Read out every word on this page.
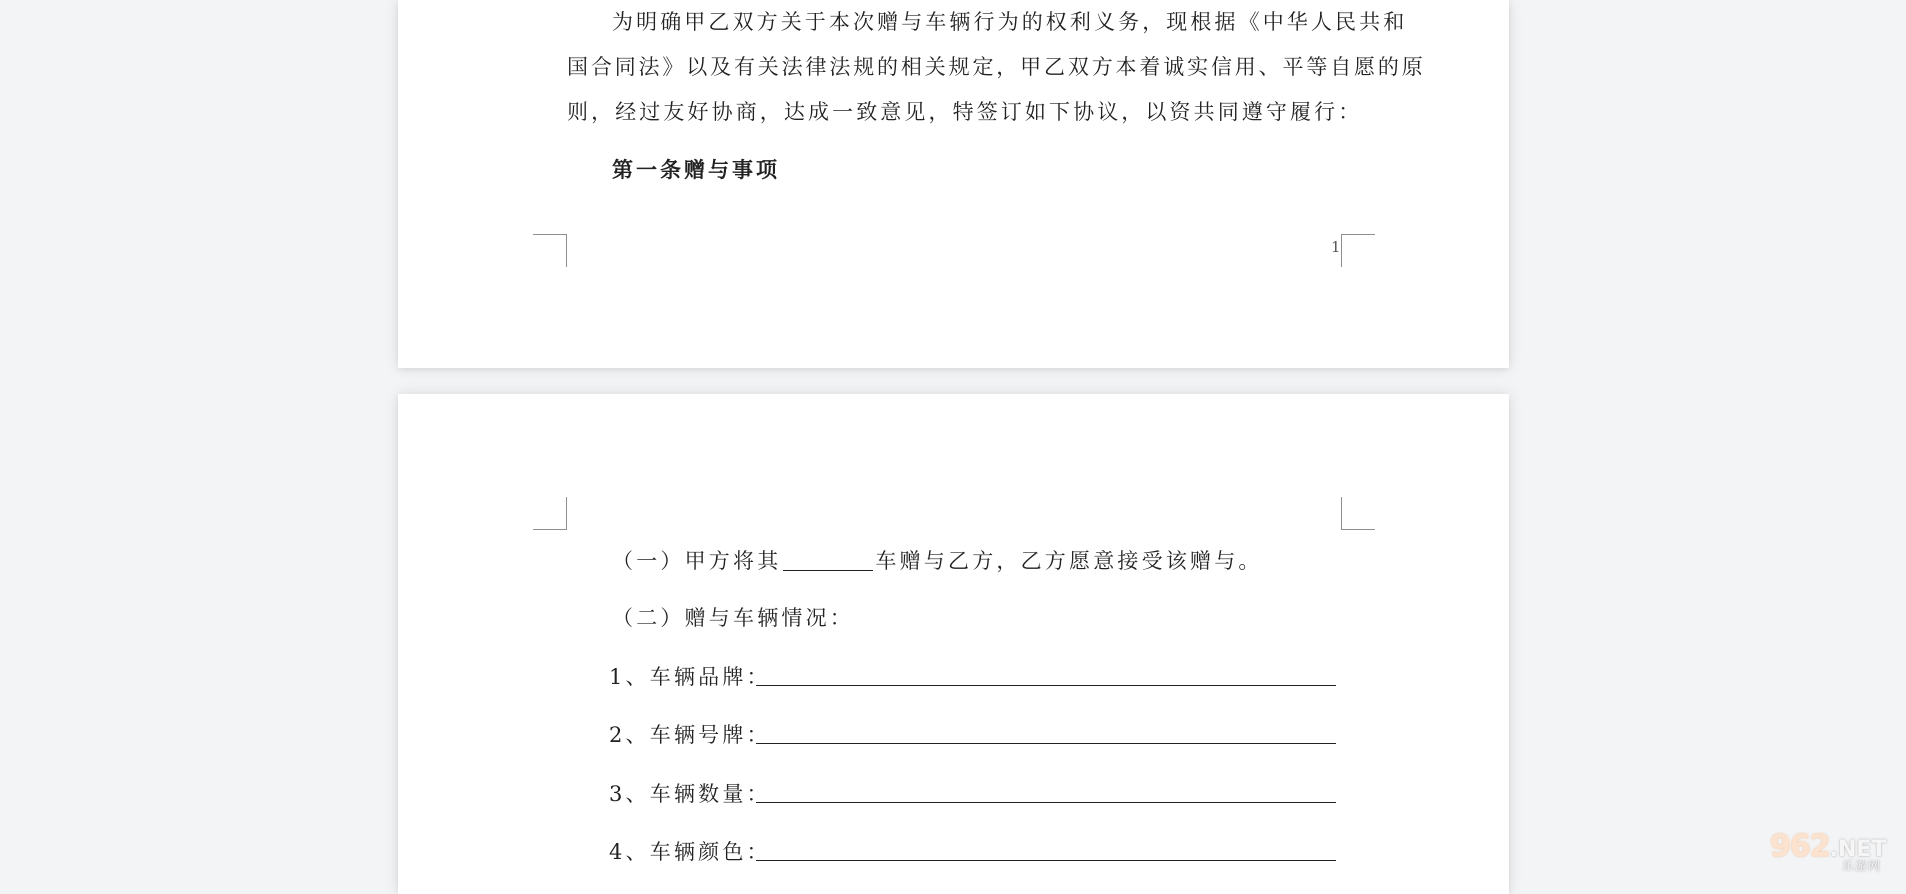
为明确甲乙双方关于本次赠与车辆行为的权利义务，现根据《中华人民共和
国合同法》以及有关法律法规的相关规定，甲乙双方本着诚实信用、平等自愿的原
则，经过友好协商，达成一致意见，特签订如下协议，以资共同遵守履行：
第一条赠与事项
1
（一）甲方将其	车赠与乙方，乙方愿意接受该赠与。
（二）赠与车辆情况：
1、车辆品牌：
2、车辆号牌：
3、车辆数量：
4、车辆颜色：	962.NET
乐游网
